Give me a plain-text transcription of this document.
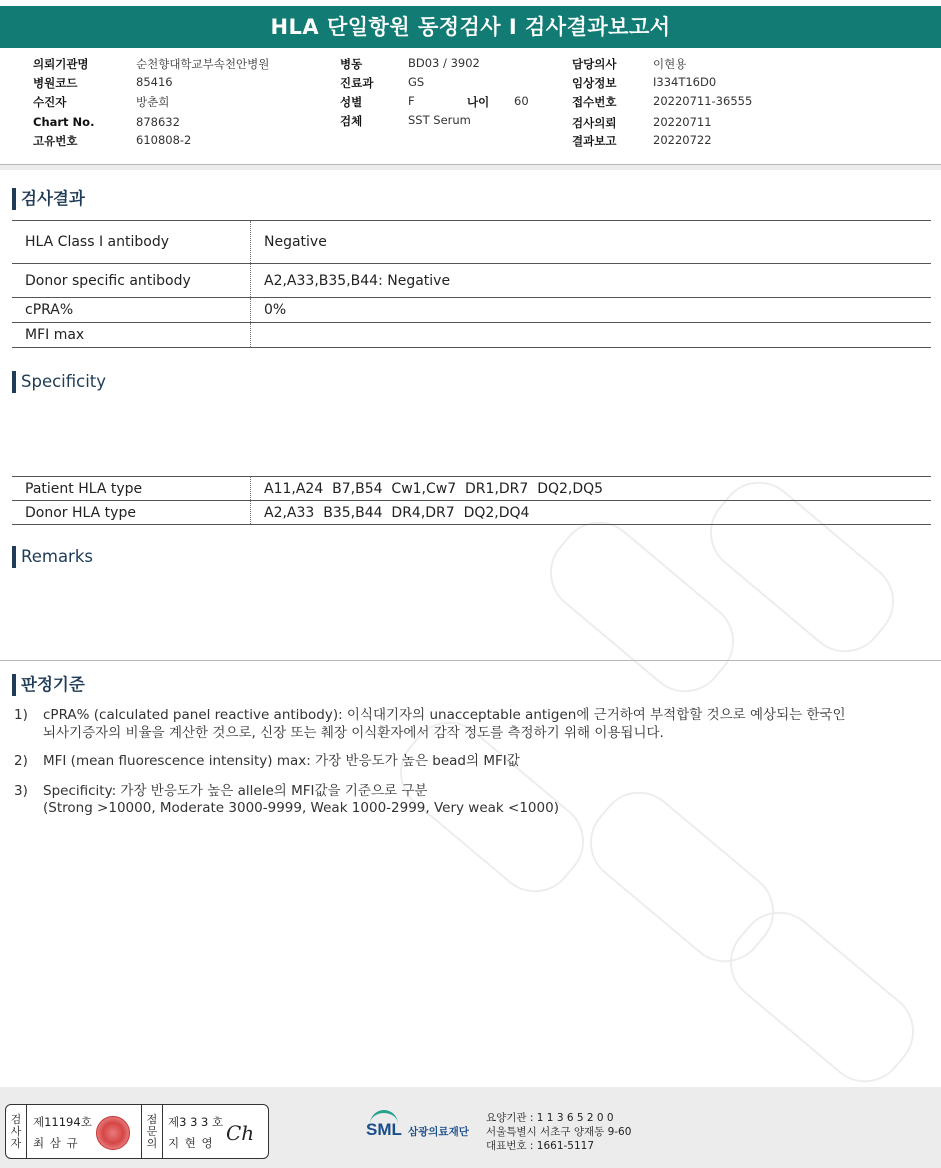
HLA 단일항원 동정검사 I 검사결과보고서
의뢰기관명	순천향대학교부속천안병원
병원코드	85416
수진자	방춘희
Chart No.	878632
고유번호	610808-2
병동	BD03 / 3902
진료과	GS
성별	F	나이 60
검체	SST Serum
담당의사	이현용
임상정보	I334T16D0
접수번호	20220711-36555
검사의뢰	20220711
결과보고	20220722
검사결과
HLA Class I antibody	Negative
Donor specific antibody	A2,A33,B35,B44: Negative
cPRA%	0%
MFI max	
Specificity
Patient HLA type	A11,A24  B7,B54  Cw1,Cw7  DR1,DR7  DQ2,DQ5
Donor HLA type	A2,A33  B35,B44  DR4,DR7  DQ2,DQ4
Remarks
판정기준
1) cPRA% (calculated panel reactive antibody): 이식대기자의 unacceptable antigen에 근거하여 부적합할 것으로 예상되는 한국인
뇌사기증자의 비율을 계산한 것으로, 신장 또는 췌장 이식환자에서 감작 정도를 측정하기 위해 이용됩니다.
2) MFI (mean fluorescence intensity) max: 가장 반응도가 높은 bead의 MFI값
3) Specificity: 가장 반응도가 높은 allele의 MFI값을 기준으로 구분
(Strong >10000, Moderate 3000-9999, Weak 1000-2999, Very weak <1000)
검
사
자
제11194호
최 삼 규
점
문
의
제3 3 3 호
지 현 영 Ch	SML 삼광의료재단
요양기관 : 1 1 3 6 5 2 0 0
서울특별시 서초구 양재동 9-60
대표번호 : 1661-5117
